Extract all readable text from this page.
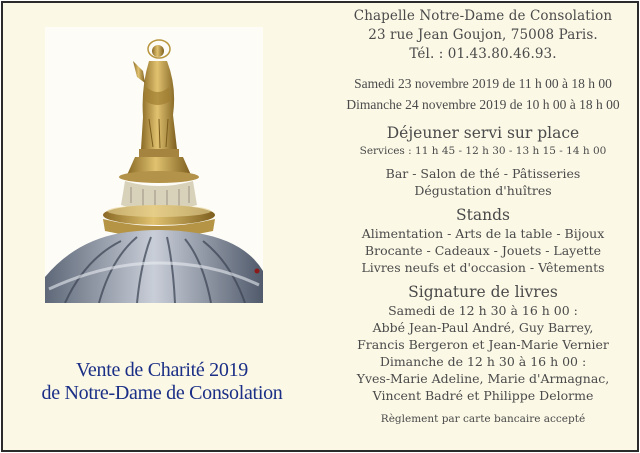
Vente de Charité 2019
de Notre-Dame de Consolation
Chapelle Notre-Dame de Consolation
23 rue Jean Goujon, 75008 Paris.
Tél. : 01.43.80.46.93.
Samedi 23 novembre 2019 de 11 h 00 à 18 h 00
Dimanche 24 novembre 2019 de 10 h 00 à 18 h 00
Déjeuner servi sur place
Services : 11 h 45 - 12 h 30 - 13 h 15 - 14 h 00
Bar - Salon de thé - Pâtisseries
Dégustation d'huîtres
Stands
Alimentation - Arts de la table - Bijoux
Brocante - Cadeaux - Jouets - Layette
Livres neufs et d'occasion - Vêtements
Signature de livres
Samedi de 12 h 30 à 16 h 00 :
Abbé Jean-Paul André, Guy Barrey,
Francis Bergeron et Jean-Marie Vernier
Dimanche de 12 h 30 à 16 h 00 :
Yves-Marie Adeline, Marie d'Armagnac,
Vincent Badré et Philippe Delorme
Règlement par carte bancaire accepté
